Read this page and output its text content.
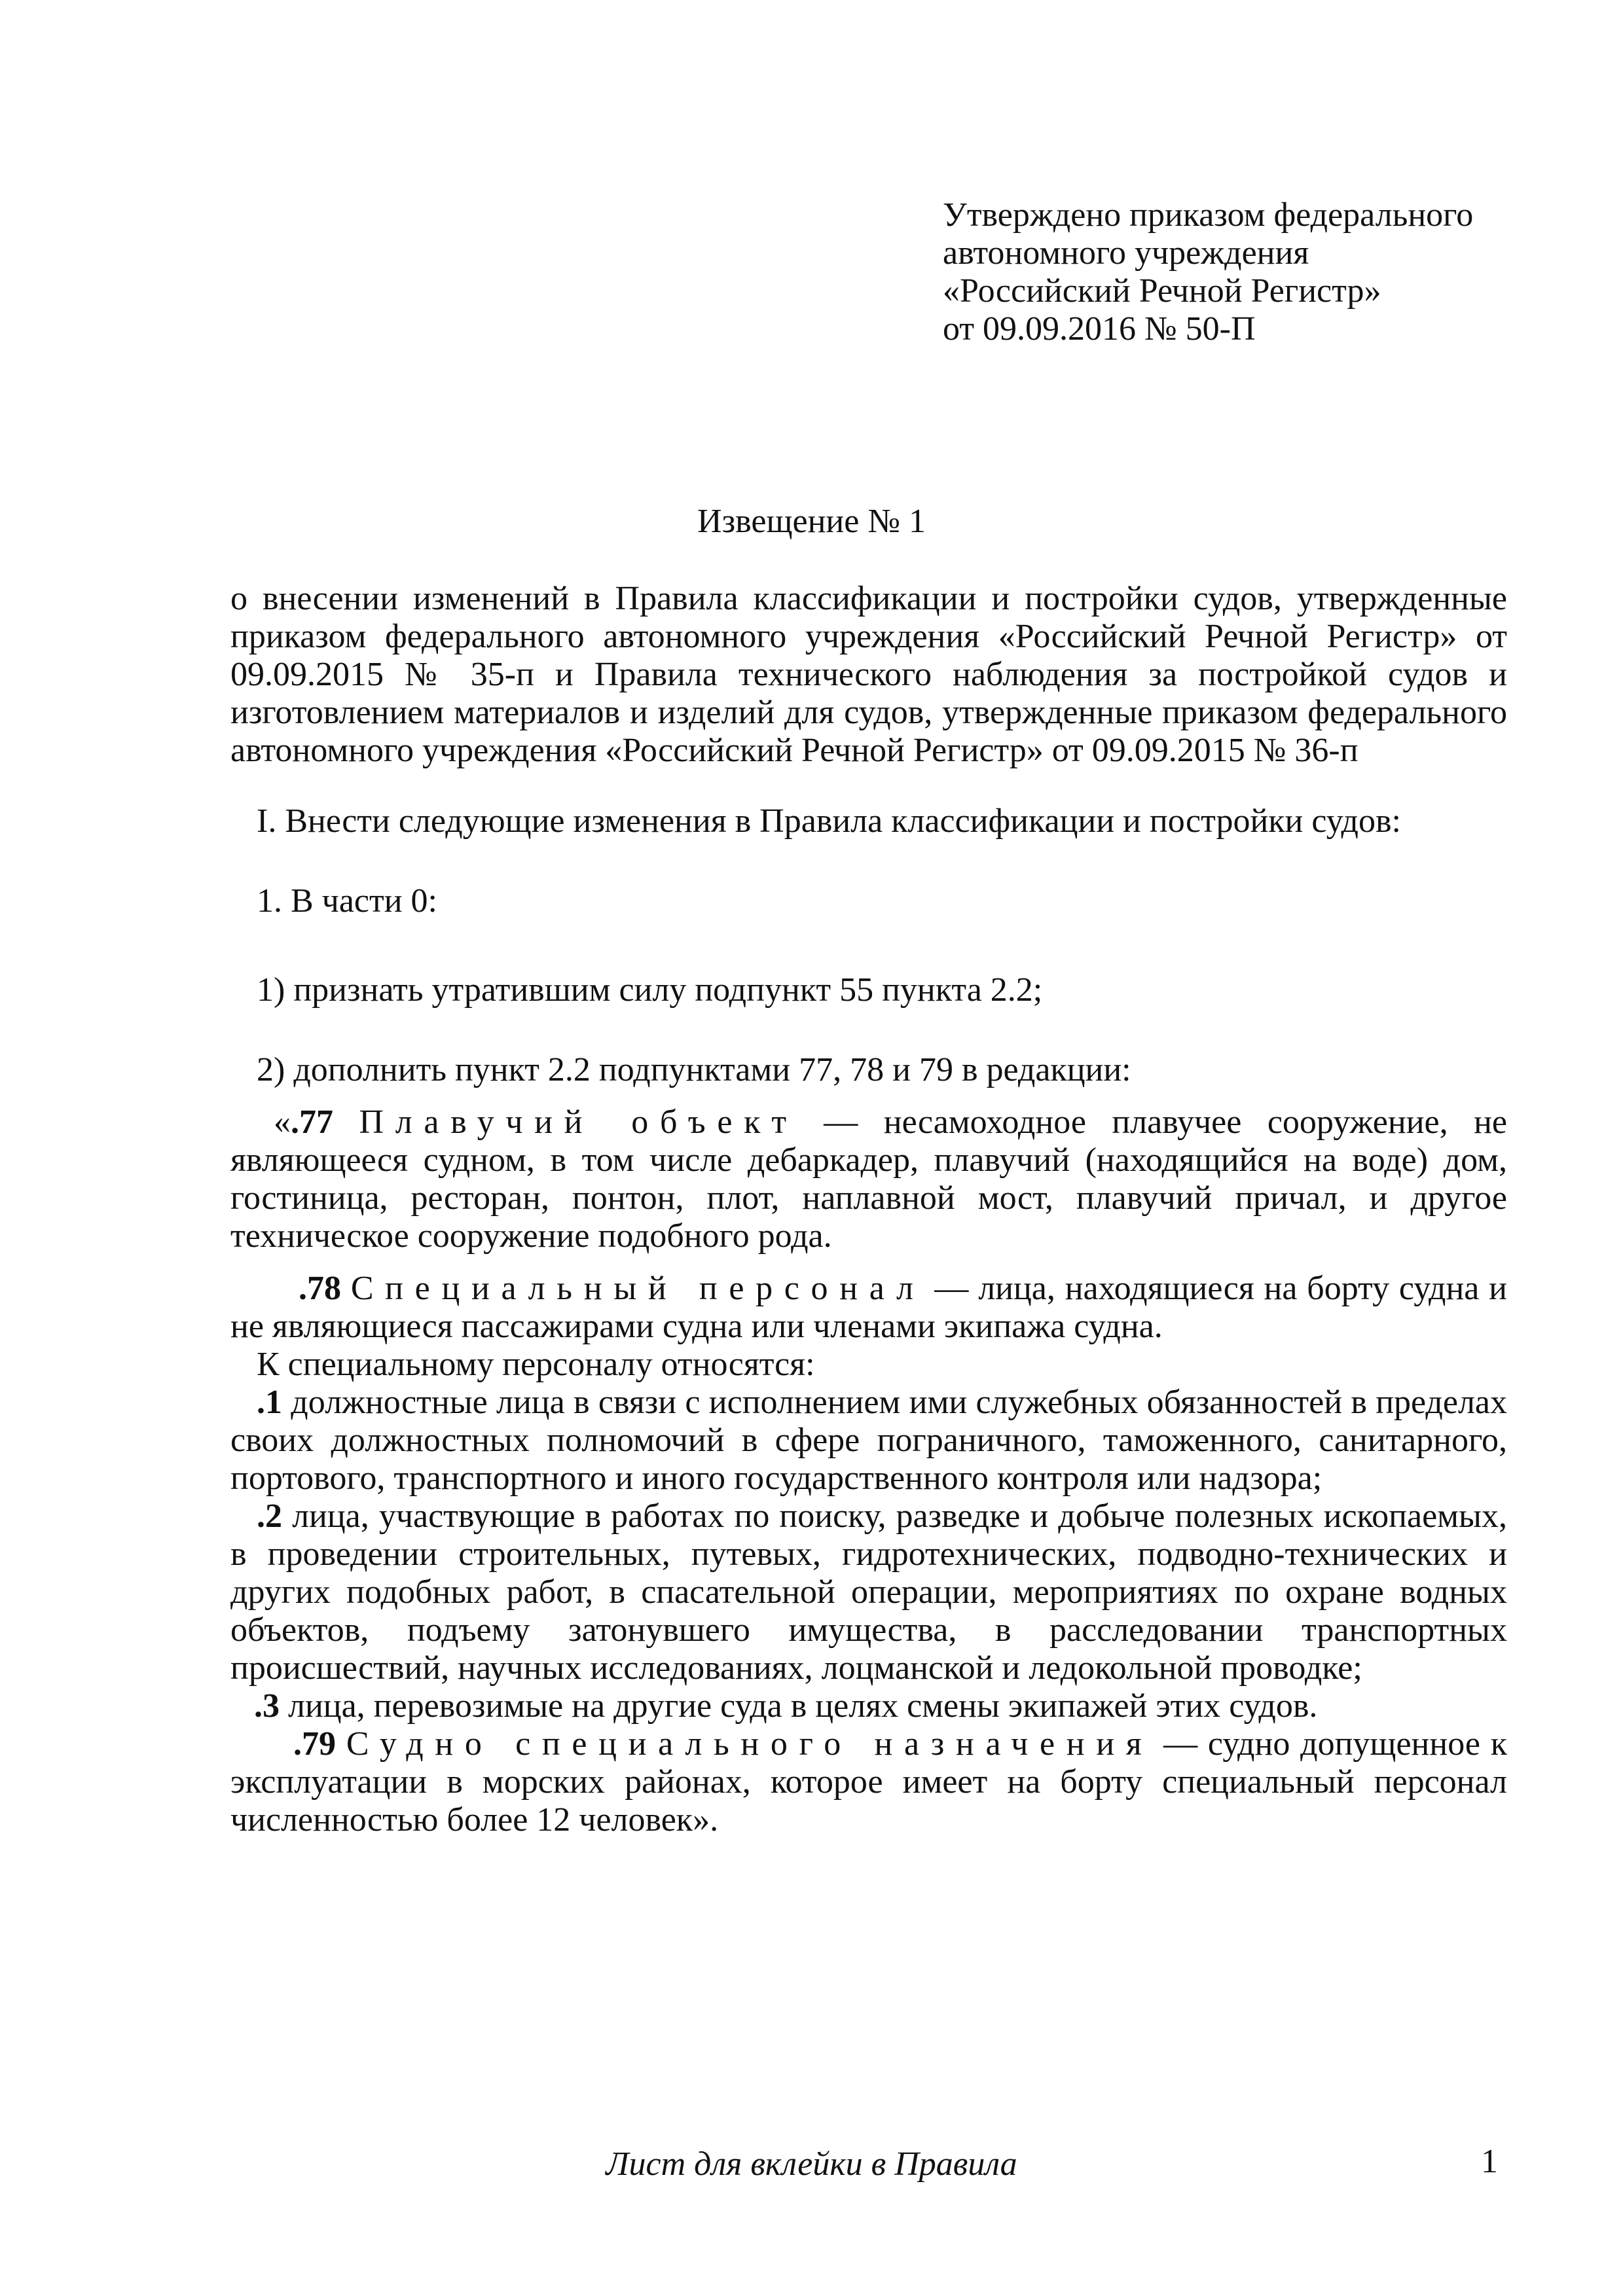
Утверждено приказом федерального
автономного учреждения
«Российский Речной Регистр»
от 09.09.2016 № 50-П
Извещение № 1

о внесении изменений в Правила классификации и постройки судов, утвержденные приказом федерального автономного учреждения «Российский Речной Регистр» от 09.09.2015 № 35-п и Правила технического наблюдения за постройкой судов и изготовлением материалов и изделий для судов, утвержденные приказом федерального автономного учреждения «Российский Речной Регистр» от 09.09.2015 № 36-п

I. Внести следующие изменения в Правила классификации и постройки судов:

1. В части 0:

1) признать утратившим силу подпункт 55 пункта 2.2;

2) дополнить пункт 2.2 подпунктами 77, 78 и 79 в редакции:

«.77 Плавучий объект — несамоходное плавучее сооружение, не являющееся судном, в том числе дебаркадер, плавучий (находящийся на воде) дом, гостиница, ресторан, понтон, плот, наплавной мост, плавучий причал, и другое техническое сооружение подобного рода.

.78 Специальный персонал — лица, находящиеся на борту судна и не являющиеся пассажирами судна или членами экипажа судна.

К специальному персоналу относятся:

.1 должностные лица в связи с исполнением ими служебных обязанностей в пределах своих должностных полномочий в сфере пограничного, таможенного, санитарного, портового, транспортного и иного государственного контроля или надзора;

.2 лица, участвующие в работах по поиску, разведке и добыче полезных ископаемых, в проведении строительных, путевых, гидротехнических, подводно-технических и других подобных работ, в спасательной операции, мероприятиях по охране водных объектов, подъему затонувшего имущества, в расследовании транспортных происшествий, научных исследованиях, лоцманской и ледокольной проводке;

.3 лица, перевозимые на другие суда в целях смены экипажей этих судов.

.79 Судно специального назначения — судно допущенное к эксплуатации в морских районах, которое имеет на борту специальный персонал численностью более 12 человек».

Лист для вклейки в Правила	1
